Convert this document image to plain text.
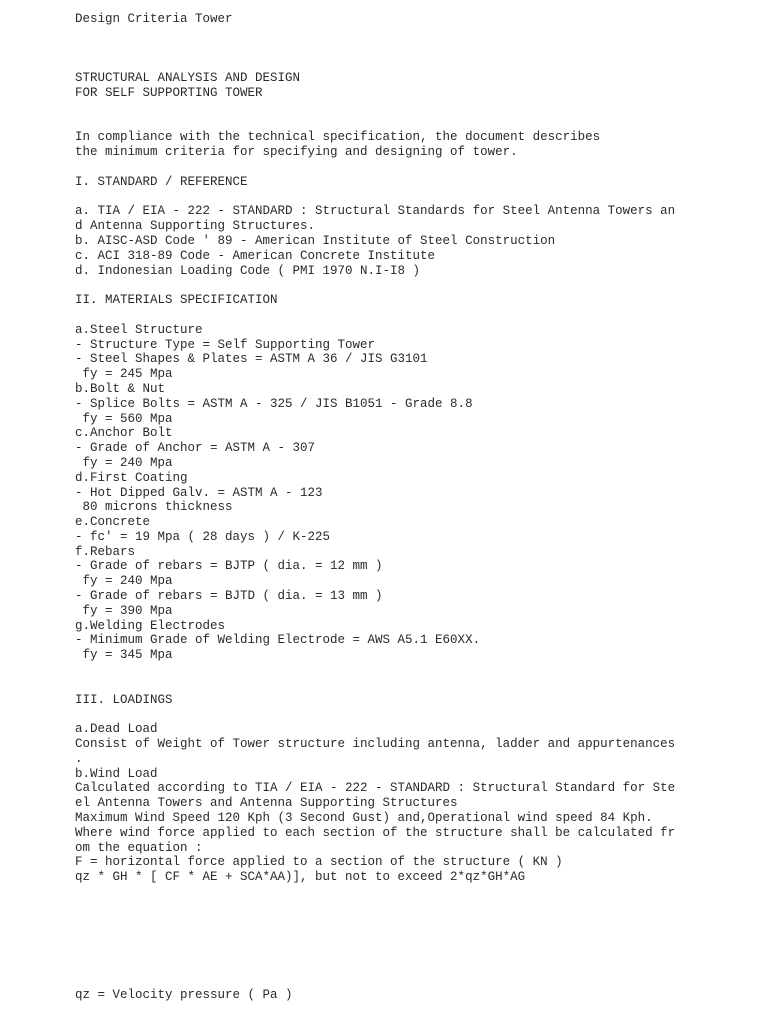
Design Criteria Tower
STRUCTURAL ANALYSIS AND DESIGN
FOR SELF SUPPORTING TOWER
In compliance with the technical specification, the document describes
the minimum criteria for specifying and designing of tower.
I. STANDARD / REFERENCE
a. TIA / EIA - 222 - STANDARD : Structural Standards for Steel Antenna Towers an
d Antenna Supporting Structures.
b. AISC-ASD Code ' 89 - American Institute of Steel Construction
c. ACI 318-89 Code - American Concrete Institute
d. Indonesian Loading Code ( PMI 1970 N.I-I8 )
II. MATERIALS SPECIFICATION
a.Steel Structure
- Structure Type = Self Supporting Tower
- Steel Shapes & Plates = ASTM A 36 / JIS G3101
fy = 245 Mpa
b.Bolt & Nut
- Splice Bolts = ASTM A - 325 / JIS B1051 - Grade 8.8
fy = 560 Mpa
c.Anchor Bolt
- Grade of Anchor = ASTM A - 307
fy = 240 Mpa
d.First Coating
- Hot Dipped Galv. = ASTM A - 123
80 microns thickness
e.Concrete
- fc' = 19 Mpa ( 28 days ) / K-225
f.Rebars
- Grade of rebars = BJTP ( dia. = 12 mm )
fy = 240 Mpa
- Grade of rebars = BJTD ( dia. = 13 mm )
fy = 390 Mpa
g.Welding Electrodes
- Minimum Grade of Welding Electrode = AWS A5.1 E60XX.
fy = 345 Mpa
III. LOADINGS
a.Dead Load
Consist of Weight of Tower structure including antenna, ladder and appurtenances
.
b.Wind Load
Calculated according to TIA / EIA - 222 - STANDARD : Structural Standard for Ste
el Antenna Towers and Antenna Supporting Structures
Maximum Wind Speed 120 Kph (3 Second Gust) and,Operational wind speed 84 Kph.
Where wind force applied to each section of the structure shall be calculated fr
om the equation :
F = horizontal force applied to a section of the structure ( KN )
qz * GH * [ CF * AE + SCA*AA)], but not to exceed 2*qz*GH*AG
qz = Velocity pressure ( Pa )
